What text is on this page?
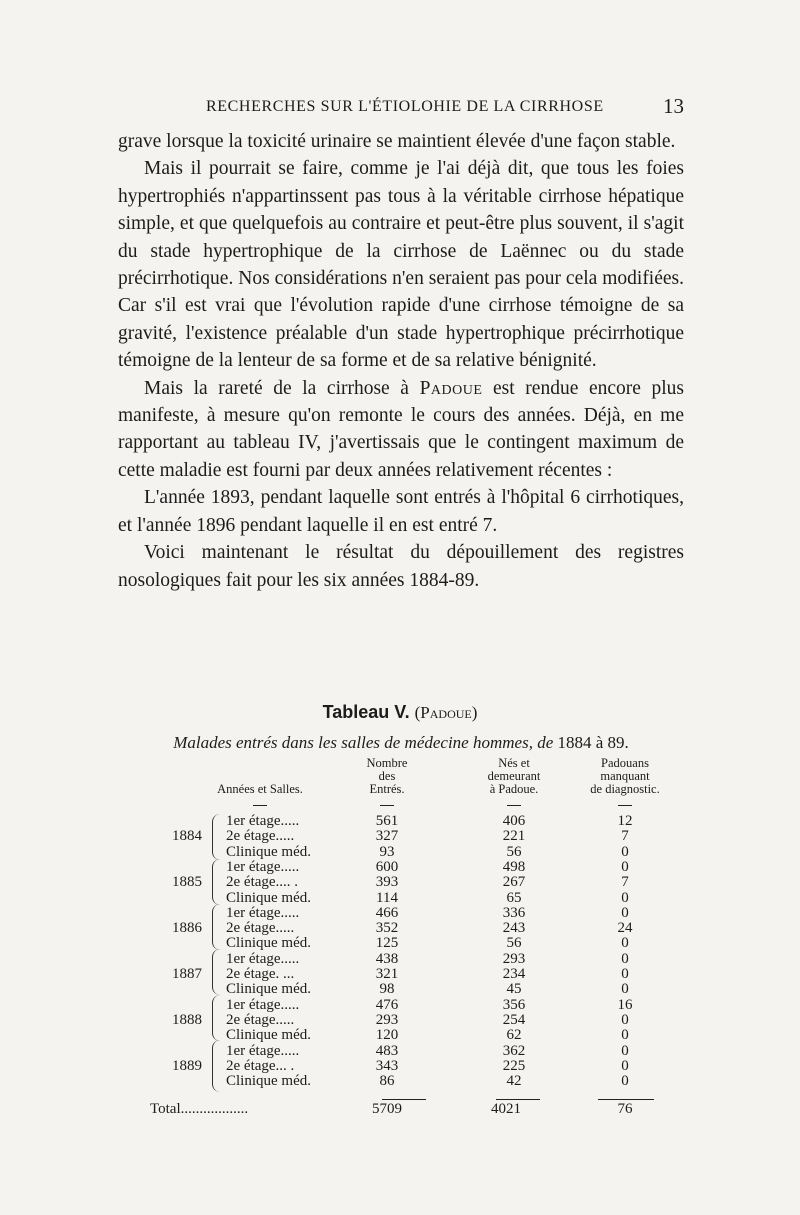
RECHERCHES SUR L'ÉTIOLOHIE DE LA CIRRHOSE	13

grave lorsque la toxicité urinaire se maintient élevée d'une façon stable.

Mais il pourrait se faire, comme je l'ai déjà dit, que tous les foies hypertrophiés n'appartinssent pas tous à la véritable cirrhose hépatique simple, et que quelquefois au contraire et peut-être plus souvent, il s'agit du stade hypertrophique de la cirrhose de Laënnec ou du stade précirrhotique. Nos considérations n'en seraient pas pour cela modifiées. Car s'il est vrai que l'évolution rapide d'une cirrhose témoigne de sa gravité, l'existence préalable d'un stade hypertrophique précirrhotique témoigne de la lenteur de sa forme et de sa relative bénignité.

Mais la rareté de la cirrhose à Padoue est rendue encore plus manifeste, à mesure qu'on remonte le cours des années. Déjà, en me rapportant au tableau IV, j'avertissais que le contingent maximum de cette maladie est fourni par deux années relativement récentes :

L'année 1893, pendant laquelle sont entrés à l'hôpital 6 cirrhotiques, et l'année 1896 pendant laquelle il en est entré 7.

Voici maintenant le résultat du dépouillement des registres nosologiques fait pour les six années 1884-89.

Tableau V. (Padoue)
Malades entrés dans les salles de médecine hommes, de 1884 à 89.
Années et Salles.
Nombre
des
Entrés.
Nés et
demeurant
à Padoue.
Padouans
manquant
de diagnostic.
1884
1er étage.....	561	406	12
2e étage.....	327	221	7
Clinique méd.	93	56	0
1885
1er étage.....	600	498	0
2e étage.... .	393	267	7
Clinique méd.	114	65	0
1886
1er étage.....	466	336	0
2e étage.....	352	243	24
Clinique méd.	125	56	0
1887
1er étage.....	438	293	0
2e étage. ...	321	234	0
Clinique méd.	98	45	0
1888
1er étage.....	476	356	16
2e étage.....	293	254	0
Clinique méd.	120	62	0
1889
1er étage.....	483	362	0
2e étage... .	343	225	0
Clinique méd.	86	42	0
Total..................	5709	4021	76
